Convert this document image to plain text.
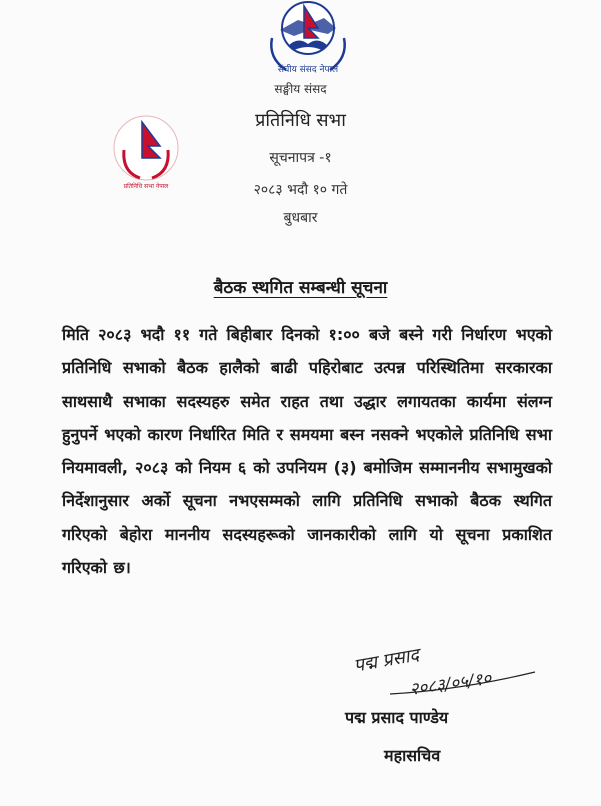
संघीय संसद नेपाल
सङ्घीय संसद
प्रतिनिधि सभा
सूचनापत्र -१
प्रतिनिधि सभा नेपाल	२०८३ भदौ १० गते
बुधबार
बैठक स्थगित सम्बन्धी सूचना
मिति २०८३ भदौ ११ गते बिहीबार दिनको १:०० बजे बस्ने गरी निर्धारण भएको प्रतिनिधि सभाको बैठक हालैको बाढी पहिरोबाट उत्पन्न परिस्थितिमा सरकारका साथसाथै सभाका सदस्यहरु समेत राहत तथा उद्धार लगायतका कार्यमा संलग्न हुनुपर्ने भएको कारण निर्धारित मिति र समयमा बस्न नसक्ने भएकोले प्रतिनिधि सभा नियमावली, २०८३ को नियम ६ को उपनियम (३) बमोजिम सम्माननीय सभामुखको निर्देशानुसार अर्को सूचना नभएसम्मको लागि प्रतिनिधि सभाको बैठक स्थगित गरिएको बेहोरा माननीय सदस्यहरूको जानकारीको लागि यो सूचना प्रकाशित गरिएको छ।
पद्म प्रसाद
२०८३/०५/१०
पद्म प्रसाद पाण्डेय
महासचिव
